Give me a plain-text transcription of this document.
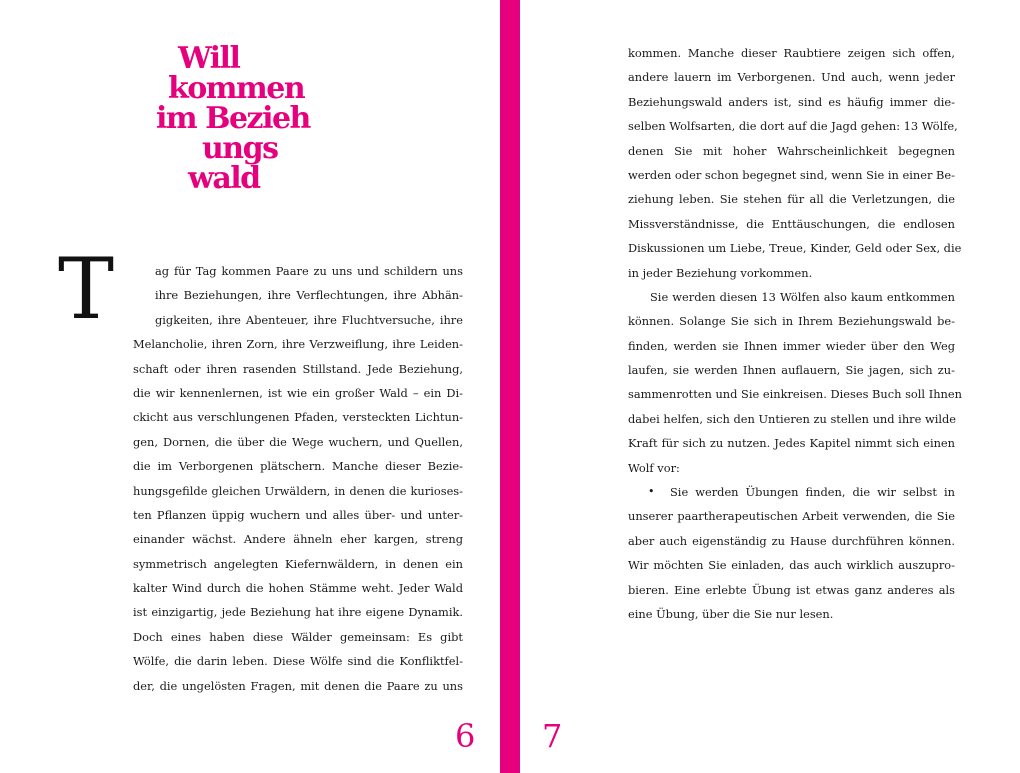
Will
kommen
im Bezieh
ungs
wald
T	ag für Tag kommen Paare zu uns und schildern uns
ihre Beziehungen, ihre Verflechtungen, ihre Abhän-
gigkeiten, ihre Abenteuer, ihre Fluchtversuche, ihre
Melancholie, ihren Zorn, ihre Verzweiflung, ihre Leiden-
schaft oder ihren rasenden Stillstand. Jede Beziehung,
die wir kennenlernen, ist wie ein großer Wald – ein Di-
ckicht aus verschlungenen Pfaden, versteckten Lichtun-
gen, Dornen, die über die Wege wuchern, und Quellen,
die im Verborgenen plätschern. Manche dieser Bezie-
hungsgefilde gleichen Urwäldern, in denen die kurioses-
ten Pflanzen üppig wuchern und alles über- und unter-
einander wächst. Andere ähneln eher kargen, streng
symmetrisch angelegten Kiefernwäldern, in denen ein
kalter Wind durch die hohen Stämme weht. Jeder Wald
ist einzigartig, jede Beziehung hat ihre eigene Dynamik.
Doch eines haben diese Wälder gemeinsam: Es gibt
Wölfe, die darin leben. Diese Wölfe sind die Konfliktfel-
der, die ungelösten Fragen, mit denen die Paare zu uns
6
kommen. Manche dieser Raubtiere zeigen sich offen,
andere lauern im Verborgenen. Und auch, wenn jeder
Beziehungswald anders ist, sind es häufig immer die-
selben Wolfsarten, die dort auf die Jagd gehen: 13 Wölfe,
denen Sie mit hoher Wahrscheinlichkeit begegnen
werden oder schon begegnet sind, wenn Sie in einer Be-
ziehung leben. Sie stehen für all die Verletzungen, die
Missverständnisse, die Enttäuschungen, die endlosen
Diskussionen um Liebe, Treue, Kinder, Geld oder Sex, die
in jeder Beziehung vorkommen.
Sie werden diesen 13 Wölfen also kaum entkommen
können. Solange Sie sich in Ihrem Beziehungswald be-
finden, werden sie Ihnen immer wieder über den Weg
laufen, sie werden Ihnen auflauern, Sie jagen, sich zu-
sammenrotten und Sie einkreisen. Dieses Buch soll Ihnen
dabei helfen, sich den Untieren zu stellen und ihre wilde
Kraft für sich zu nutzen. Jedes Kapitel nimmt sich einen
Wolf vor:
• Sie werden Übungen finden, die wir selbst in
unserer paartherapeutischen Arbeit verwenden, die Sie
aber auch eigenständig zu Hause durchführen können.
Wir möchten Sie einladen, das auch wirklich auszupro-
bieren. Eine erlebte Übung ist etwas ganz anderes als
eine Übung, über die Sie nur lesen.
7
